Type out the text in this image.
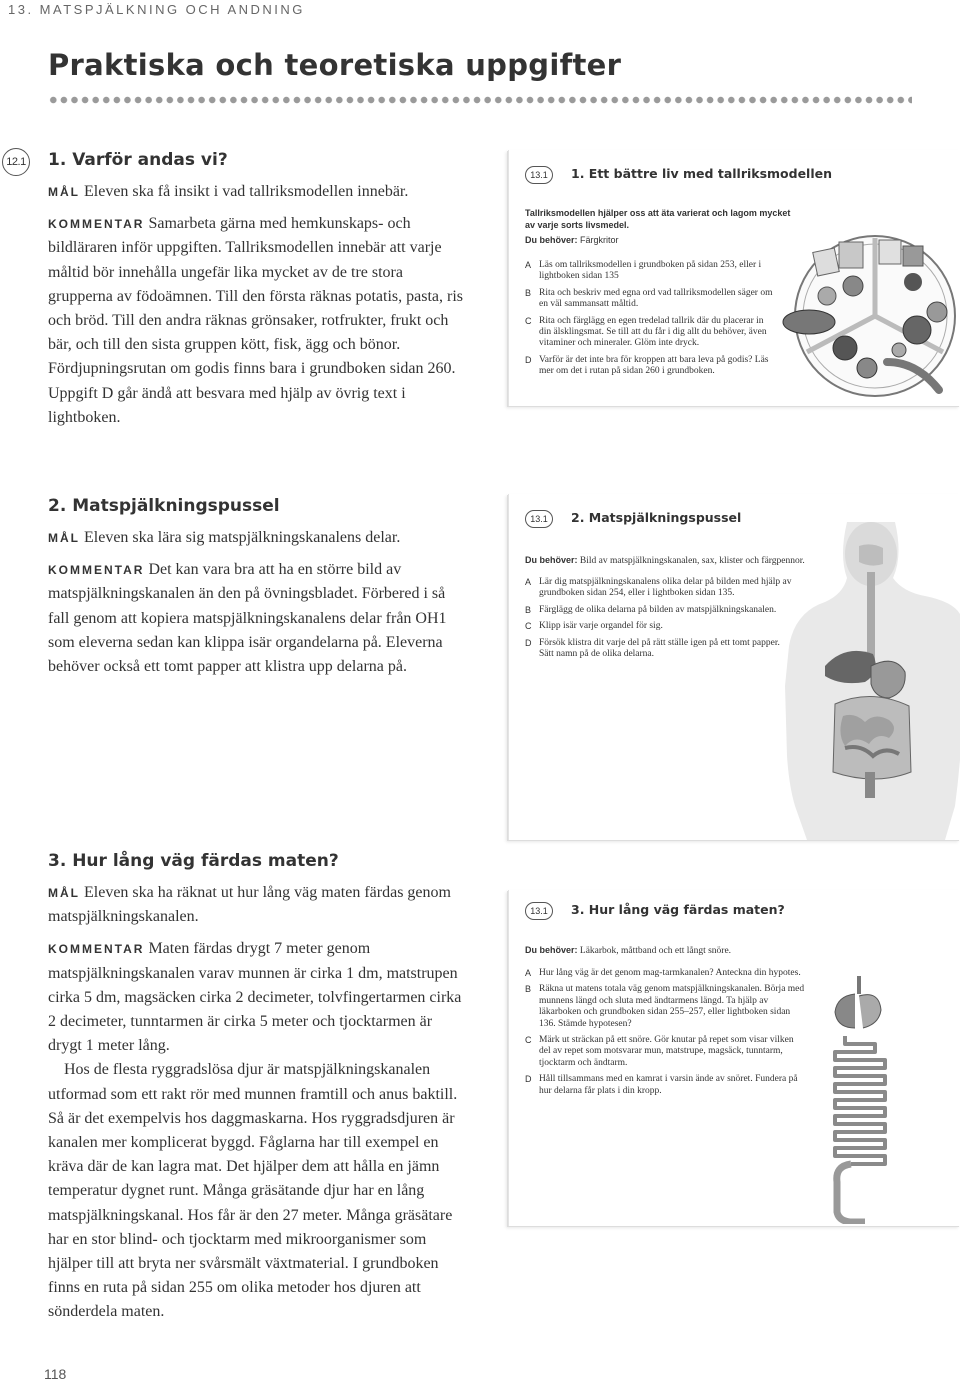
13. MATSPJÄLKNING OCH ANDNING
Praktiska och teoretiska uppgifter
12.1 1. Varför andas vi?

MÅL Eleven ska få insikt i vad tallriksmodellen innebär.

KOMMENTAR Samarbeta gärna med hemkunskaps- och bildläraren inför uppgiften. Tallriksmodellen innebär att varje måltid bör innehålla ungefär lika mycket av de tre stora grupperna av födoämnen. Till den första räknas potatis, pasta, ris och bröd. Till den andra räknas grönsaker, rotfrukter, frukt och bär, och till den sista gruppen kött, fisk, ägg och bönor.

Fördjupningsrutan om godis finns bara i grundboken sidan 260. Uppgift D går ändå att besvara med hjälp av övrig text i lightboken.

2. Matspjälkningspussel

MÅL Eleven ska lära sig matspjälkningskanalens delar.

KOMMENTAR Det kan vara bra att ha en större bild av matspjälkningskanalen än den på övningsbladet. Förbered i så fall genom att kopiera matspjälkningskanalens delar från OH1 som eleverna sedan kan klippa isär organdelarna på. Eleverna behöver också ett tomt papper att klistra upp delarna på.

3. Hur lång väg färdas maten?

MÅL Eleven ska ha räknat ut hur lång väg maten färdas genom matspjälkningskanalen.

KOMMENTAR Maten färdas drygt 7 meter genom matspjälkningskanalen varav munnen är cirka 1 dm, matstrupen cirka 5 dm, magsäcken cirka 2 decimeter, tolvfingertarmen cirka 2 decimeter, tunntarmen är cirka 5 meter och tjocktarmen är drygt 1 meter lång.

Hos de flesta ryggradslösa djur är matspjälkningskanalen utformad som ett rakt rör med munnen framtill och anus baktill. Så är det exempelvis hos daggmaskarna. Hos ryggradsdjuren är kanalen mer komplicerat byggd. Fåglarna har till exempel en kräva där de kan lagra mat. Det hjälper dem att hålla en jämn temperatur dygnet runt. Många gräsätande djur har en lång matspjälkningskanal. Hos får är den 27 meter. Många gräsätare har en stor blind- och tjocktarm med mikroorganismer som hjälper till att bryta ner svårsmält växtmaterial. I grundboken finns en ruta på sidan 255 om olika metoder hos djuren att sönderdela maten.

13.1	1. Ett bättre liv med tallriksmodellen
Tallriksmodellen hjälper oss att äta varierat och lagom mycket av varje sorts livsmedel.
Du behöver: Färgkritor
A Läs om tallriksmodellen i grundboken på sidan 253, eller i lightboken sidan 135
B Rita och beskriv med egna ord vad tallriksmodellen säger om en väl sammansatt måltid.
C Rita och färglägg en egen tredelad tallrik där du placerar in din älsklingsmat. Se till att du får i dig allt du behöver, även vitaminer och mineraler. Glöm inte dryck.
D Varför är det inte bra för kroppen att bara leva på godis? Läs mer om det i rutan på sidan 260 i grundboken.
13.1	2. Matspjälkningspussel
Du behöver: Bild av matspjälkningskanalen, sax, klister och färgpennor.
A Lär dig matspjälkningskanalens olika delar på bilden med hjälp av grundboken sidan 254, eller i lightboken sidan 135.
B Färglägg de olika delarna på bilden av matspjälkningskanalen.
C Klipp isär varje organdel för sig.
D Försök klistra dit varje del på rätt ställe igen på ett tomt papper. Sätt namn på de olika delarna.
13.1	3. Hur lång väg färdas maten?
Du behöver: Läkarbok, måttband och ett långt snöre.
A Hur lång väg är det genom mag-tarmkanalen? Anteckna din hypotes.
B Räkna ut matens totala väg genom matspjälkningskanalen. Börja med munnens längd och sluta med ändtarmens längd. Ta hjälp av läkarboken och grundboken sidan 255–257, eller lightboken sidan 136. Stämde hypotesen?
C Märk ut sträckan på ett snöre. Gör knutar på repet som visar vilken del av repet som motsvarar mun, matstrupe, magsäck, tunntarm, tjocktarm och ändtarm.
D Håll tillsammans med en kamrat i varsin ände av snöret. Fundera på hur delarna får plats i din kropp.
118
